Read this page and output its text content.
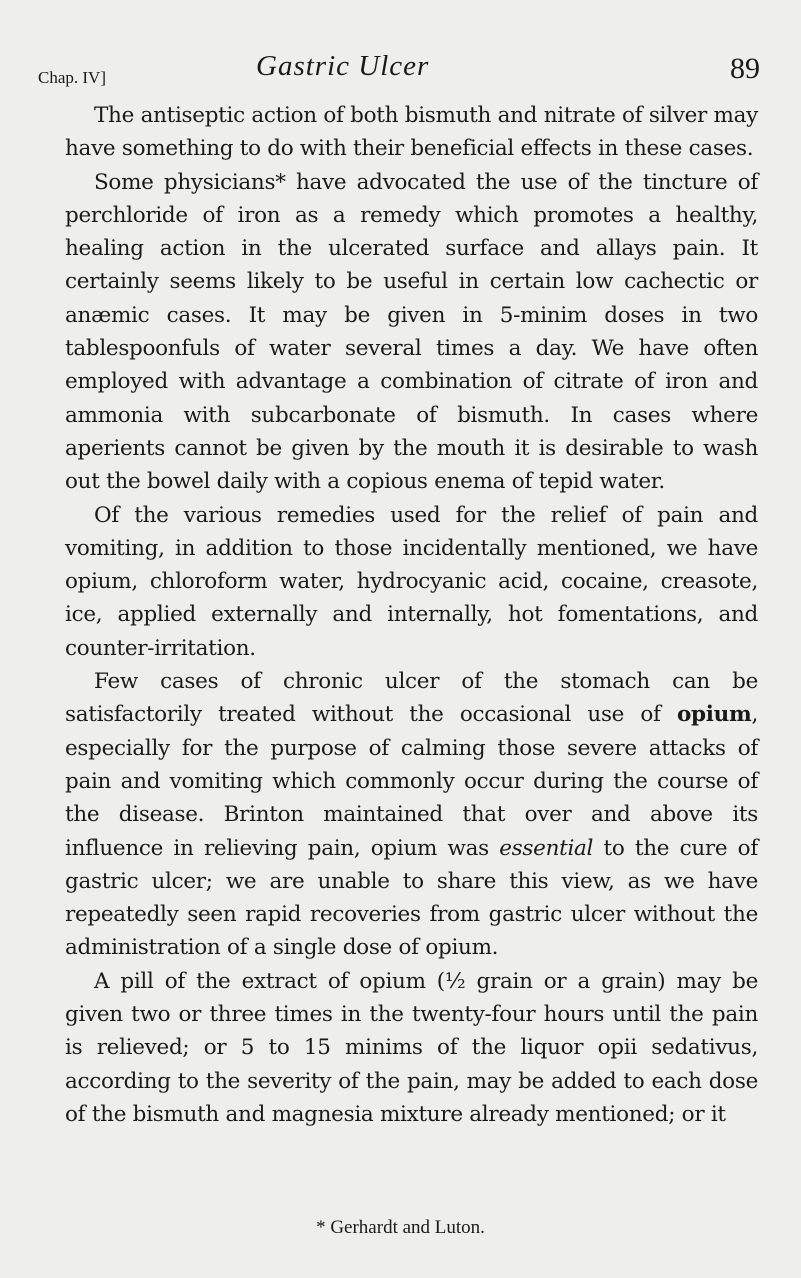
Chap. IV]	Gastric Ulcer	89

The antiseptic action of both bismuth and nitrate of silver may have something to do with their beneficial effects in these cases.

Some physicians* have advocated the use of the tincture of perchloride of iron as a remedy which promotes a healthy, healing action in the ulcerated surface and allays pain. It certainly seems likely to be useful in certain low cachectic or anæmic cases. It may be given in 5-minim doses in two tablespoonfuls of water several times a day. We have often employed with advantage a combination of citrate of iron and ammonia with subcarbonate of bismuth. In cases where aperients cannot be given by the mouth it is desirable to wash out the bowel daily with a copious enema of tepid water.

Of the various remedies used for the relief of pain and vomiting, in addition to those incidentally mentioned, we have opium, chloroform water, hydrocyanic acid, cocaine, creasote, ice, applied externally and internally, hot fomentations, and counter-irritation.

Few cases of chronic ulcer of the stomach can be satisfactorily treated without the occasional use of opium, especially for the purpose of calming those severe attacks of pain and vomiting which commonly occur during the course of the disease. Brinton maintained that over and above its influence in relieving pain, opium was essential to the cure of gastric ulcer; we are unable to share this view, as we have repeatedly seen rapid recoveries from gastric ulcer without the administration of a single dose of opium.

A pill of the extract of opium (½ grain or a grain) may be given two or three times in the twenty-four hours until the pain is relieved; or 5 to 15 minims of the liquor opii sedativus, according to the severity of the pain, may be added to each dose of the bismuth and magnesia mixture already mentioned; or it

* Gerhardt and Luton.
